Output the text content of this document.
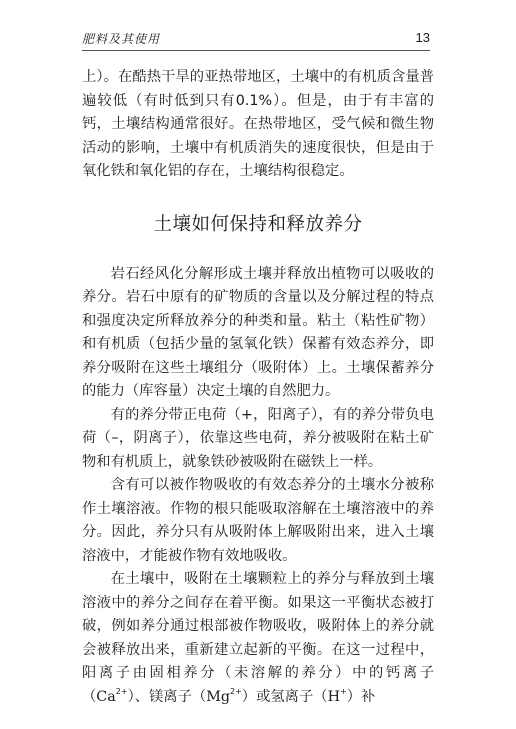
肥料及其使用	13

上）。在酷热干旱的亚热带地区，土壤中的有机质含量普遍较低（有时低到只有0.1%）。但是，由于有丰富的钙，土壤结构通常很好。在热带地区，受气候和微生物活动的影响，土壤中有机质消失的速度很快，但是由于氧化铁和氧化铝的存在，土壤结构很稳定。

土壤如何保持和释放养分

岩石经风化分解形成土壤并释放出植物可以吸收的养分。岩石中原有的矿物质的含量以及分解过程的特点和强度决定所释放养分的种类和量。粘土（粘性矿物）和有机质（包括少量的氢氧化铁）保蓄有效态养分，即养分吸附在这些土壤组分（吸附体）上。土壤保蓄养分的能力（库容量）决定土壤的自然肥力。

有的养分带正电荷（+，阳离子），有的养分带负电荷（–，阴离子），依靠这些电荷，养分被吸附在粘土矿物和有机质上，就象铁砂被吸附在磁铁上一样。

含有可以被作物吸收的有效态养分的土壤水分被称作土壤溶液。作物的根只能吸取溶解在土壤溶液中的养分。因此，养分只有从吸附体上解吸附出来，进入土壤溶液中，才能被作物有效地吸收。

在土壤中，吸附在土壤颗粒上的养分与释放到土壤溶液中的养分之间存在着平衡。如果这一平衡状态被打破，例如养分通过根部被作物吸收，吸附体上的养分就会被释放出来，重新建立起新的平衡。在这一过程中，阳离子由固相养分（未溶解的养分）中的钙离子$(Ca^{2+})$、镁离子$(Mg^{2+})$或氢离子（H+）补
